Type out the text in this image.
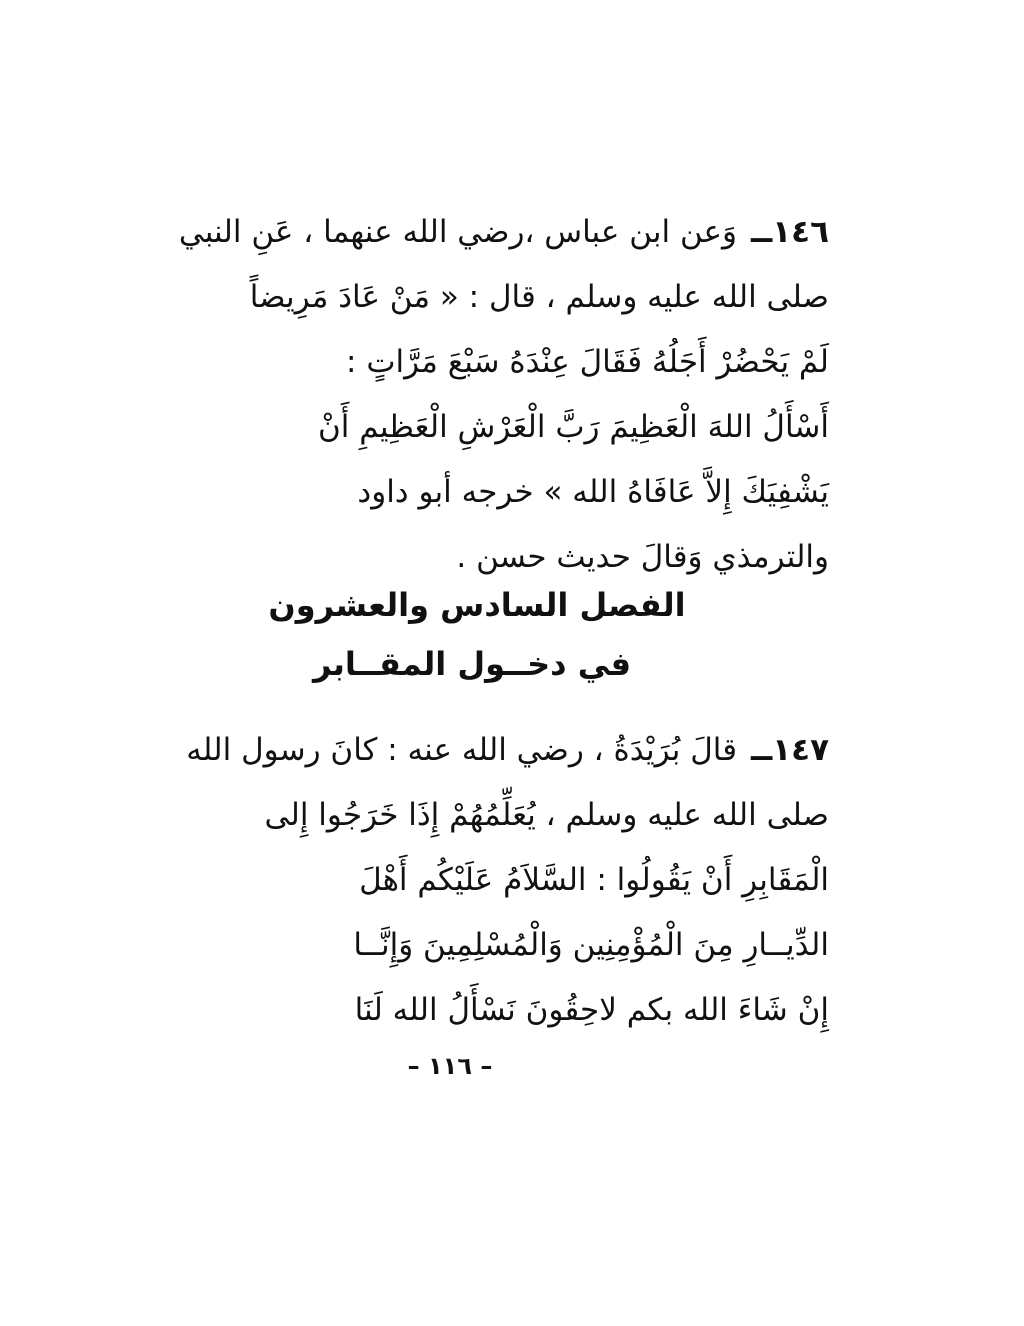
١٤٦ــوَعن ابن عباس ،رضي الله عنهما ، عَنِ النبي
صلى الله عليه وسلم ، قال : « مَنْ عَادَ مَرِيضاً
لَمْ يَحْضُرْ أَجَلُهُ فَقَالَ عِنْدَهُ سَبْعَ مَرَّاتٍ :
أَسْأَلُ اللهَ الْعَظِيمَ رَبَّ الْعَرْشِ الْعَظِيمِ أَنْ
يَشْفِيَكَ إِلاَّ عَافَاهُ الله » خرجه أبو داود
والترمذي وَقالَ حديث حسن .
الفصل السادس والعشرون
في دخــول المقــابر
١٤٧ــقالَ بُرَيْدَةُ ، رضي الله عنه : كانَ رسول الله
صلى الله عليه وسلم ، يُعَلِّمُهُمْ إِذَا خَرَجُوا إِلى
الْمَقَابِرِ أَنْ يَقُولُوا : السَّلاَمُ عَلَيْكُم أَهْلَ
الدِّيــارِ مِنَ الْمُؤْمِنِين وَالْمُسْلِمِينَ وَإِنَّــا
إِنْ شَاءَ الله بكم لاحِقُونَ نَسْأَلُ الله لَنَا
– ١١٦ –
